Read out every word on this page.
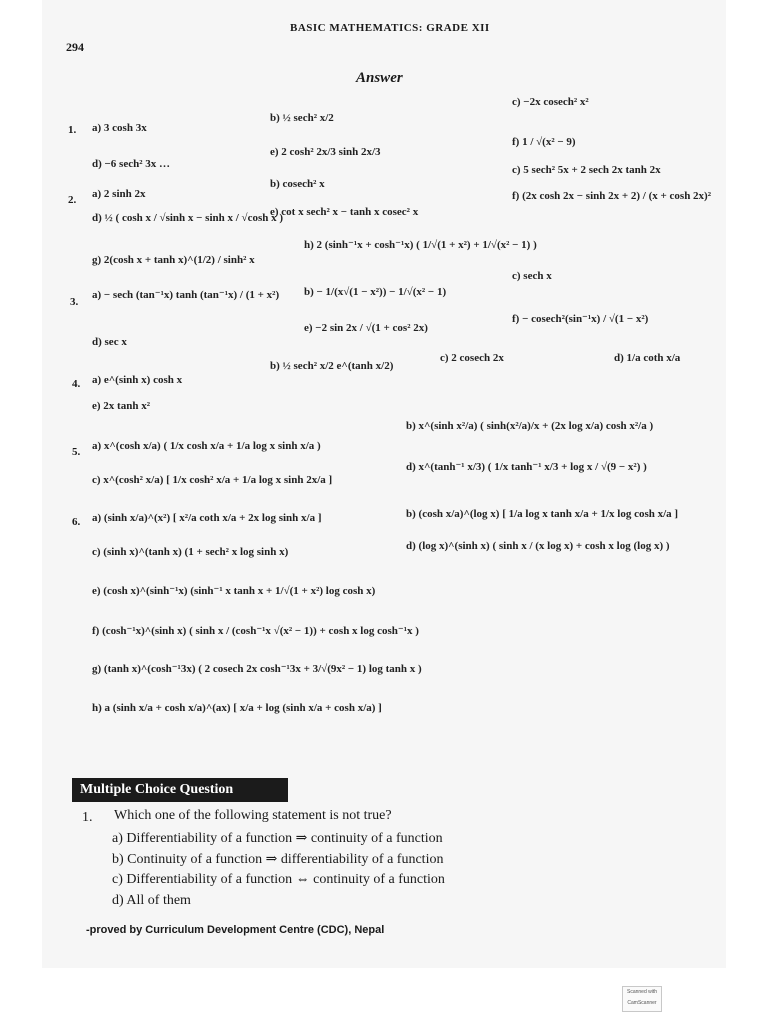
BASIC MATHEMATICS: GRADE XII
294
Answer
1. a) 3 cosh 3x
b) ½ sech² x/2
c) −2x cosech² x²
d) −6 sech² 3x …
e) 2 cosh² 2x/3 sinh 2x/3
f) 1 / √(x² − 9)
2. a) 2 sinh 2x
b) cosech² x
c) 5 sech² 5x + 2 sech 2x tanh 2x
d) ½ ( cosh x / √sinh x − sinh x / √cosh x )
e) cot x sech² x − tanh x cosec² x
f) (2x cosh 2x − sinh 2x + 2) / (x + cosh 2x)²
g) 2(cosh x + tanh x)^(1/2) / sinh² x
h) 2 (sinh⁻¹x + cosh⁻¹x) ( 1/√(1 + x²) + 1/√(x² − 1) )
3.
a) − sech (tan⁻¹x) tanh (tan⁻¹x) / (1 + x²) b) − 1/(x√(1 − x²)) − 1/√(x² − 1)
c) sech x
d) sec x
e) −2 sin 2x / √(1 + cos² 2x)
f) − cosech²(sin⁻¹x) / √(1 − x²)
4. a) e^(sinh x) cosh x
b) ½ sech² x/2 e^(tanh x/2)
c) 2 cosech 2x	d) 1/a coth x/a
e) 2x tanh x²
5. a) x^(cosh x/a) ( 1/x cosh x/a + 1/a log x sinh x/a )
b) x^(sinh x²/a) ( sinh(x²/a)/x + (2x log x/a) cosh x²/a )
c) x^(cosh² x/a) [ 1/x cosh² x/a + 1/a log x sinh 2x/a ]
d) x^(tanh⁻¹ x/3) ( 1/x tanh⁻¹ x/3 + log x / √(9 − x²) )
6. a) (sinh x/a)^(x²) [ x²/a coth x/a + 2x log sinh x/a ]	b) (cosh x/a)^(log x) [ 1/a log x tanh x/a + 1/x log cosh x/a ]
c) (sinh x)^(tanh x) (1 + sech² x log sinh x)	d) (log x)^(sinh x) ( sinh x / (x log x) + cosh x log (log x) )
e) (cosh x)^(sinh⁻¹x) (sinh⁻¹ x tanh x + 1/√(1 + x²) log cosh x)
f) (cosh⁻¹x)^(sinh x) ( sinh x / (cosh⁻¹x √(x² − 1)) + cosh x log cosh⁻¹x )
g) (tanh x)^(cosh⁻¹3x) ( 2 cosech 2x cosh⁻¹3x + 3/√(9x² − 1) log tanh x )
h) a (sinh x/a + cosh x/a)^(ax) [ x/a + log (sinh x/a + cosh x/a) ]
Multiple Choice Question
1. Which one of the following statement is not true?
a) Differentiability of a function ⇒ continuity of a function
b) Continuity of a function ⇒ differentiability of a function
c) Differentiability of a function ⇔ continuity of a function
d) All of them
-proved by Curriculum Development Centre (CDC), Nepal
Scanned with CamScanner
